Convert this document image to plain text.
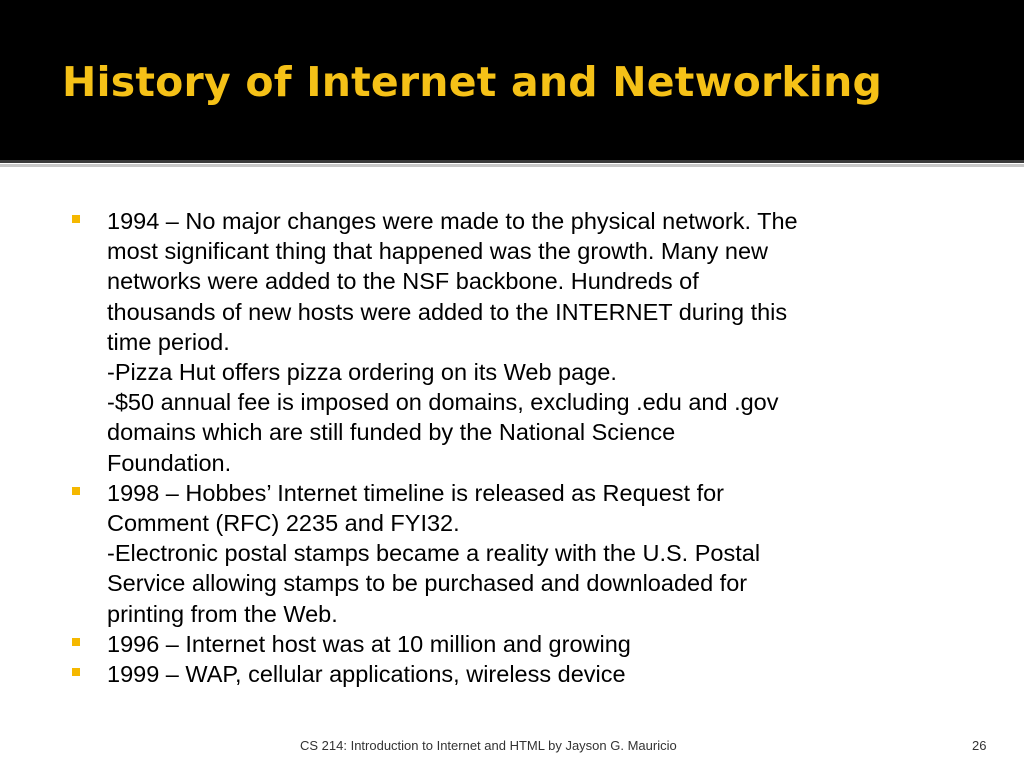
History of Internet and Networking
1994 – No major changes were made to the physical network. The
most significant thing that happened was the growth. Many new
networks were added to the NSF backbone. Hundreds of
thousands of new hosts were added to the INTERNET during this
time period.
-Pizza Hut offers pizza ordering on its Web page.
-$50 annual fee is imposed on domains, excluding .edu and .gov
domains which are still funded by the National Science
Foundation.
1998 – Hobbes’ Internet timeline is released as Request for
Comment (RFC) 2235 and FYI32.
-Electronic postal stamps became a reality with the U.S. Postal
Service allowing stamps to be purchased and downloaded for
printing from the Web.
1996 – Internet host was at 10 million and growing
1999 – WAP, cellular applications, wireless device
CS 214: Introduction to Internet and HTML by Jayson G. Mauricio	26
